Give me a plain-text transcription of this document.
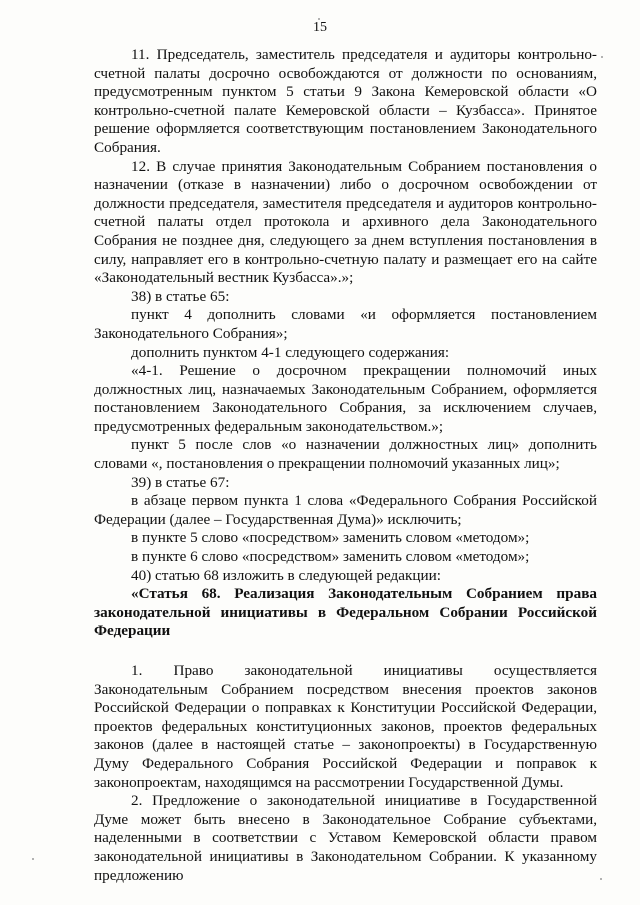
15

11. Председатель, заместитель председателя и аудиторы контрольно-счетной палаты досрочно освобождаются от должности по основаниям, предусмотренным пунктом 5 статьи 9 Закона Кемеровской области «О контрольно-счетной палате Кемеровской области – Кузбасса». Принятое решение оформляется соответствующим постановлением Законодательного Собрания.

12. В случае принятия Законодательным Собранием постановления о назначении (отказе в назначении) либо о досрочном освобождении от должности председателя, заместителя председателя и аудиторов контрольно-счетной палаты отдел протокола и архивного дела Законодательного Собрания не позднее дня, следующего за днем вступления постановления в силу, направляет его в контрольно-счетную палату и размещает его на сайте «Законодательный вестник Кузбасса».»;

38) в статье 65:

пункт 4 дополнить словами «и оформляется постановлением Законодательного Собрания»;

дополнить пунктом 4-1 следующего содержания:

«4-1. Решение о досрочном прекращении полномочий иных должностных лиц, назначаемых Законодательным Собранием, оформляется постановлением Законодательного Собрания, за исключением случаев, предусмотренных федеральным законодательством.»;

пункт 5 после слов «о назначении должностных лиц» дополнить словами «, постановления о прекращении полномочий указанных лиц»;

39) в статье 67:

в абзаце первом пункта 1 слова «Федерального Собрания Российской Федерации (далее – Государственная Дума)» исключить;

в пункте 5 слово «посредством» заменить словом «методом»;

в пункте 6 слово «посредством» заменить словом «методом»;

40) статью 68 изложить в следующей редакции:

«Статья 68. Реализация Законодательным Собранием права законодательной инициативы в Федеральном Собрании Российской Федерации

1. Право законодательной инициативы осуществляется Законодательным Собранием посредством внесения проектов законов Российской Федерации о поправках к Конституции Российской Федерации, проектов федеральных конституционных законов, проектов федеральных законов (далее в настоящей статье – законопроекты) в Государственную Думу Федерального Собрания Российской Федерации и поправок к законопроектам, находящимся на рассмотрении Государственной Думы.

2. Предложение о законодательной инициативе в Государственной Думе может быть внесено в Законодательное Собрание субъектами, наделенными в соответствии с Уставом Кемеровской области правом законодательной инициативы в Законодательном Собрании. К указанному предложению
